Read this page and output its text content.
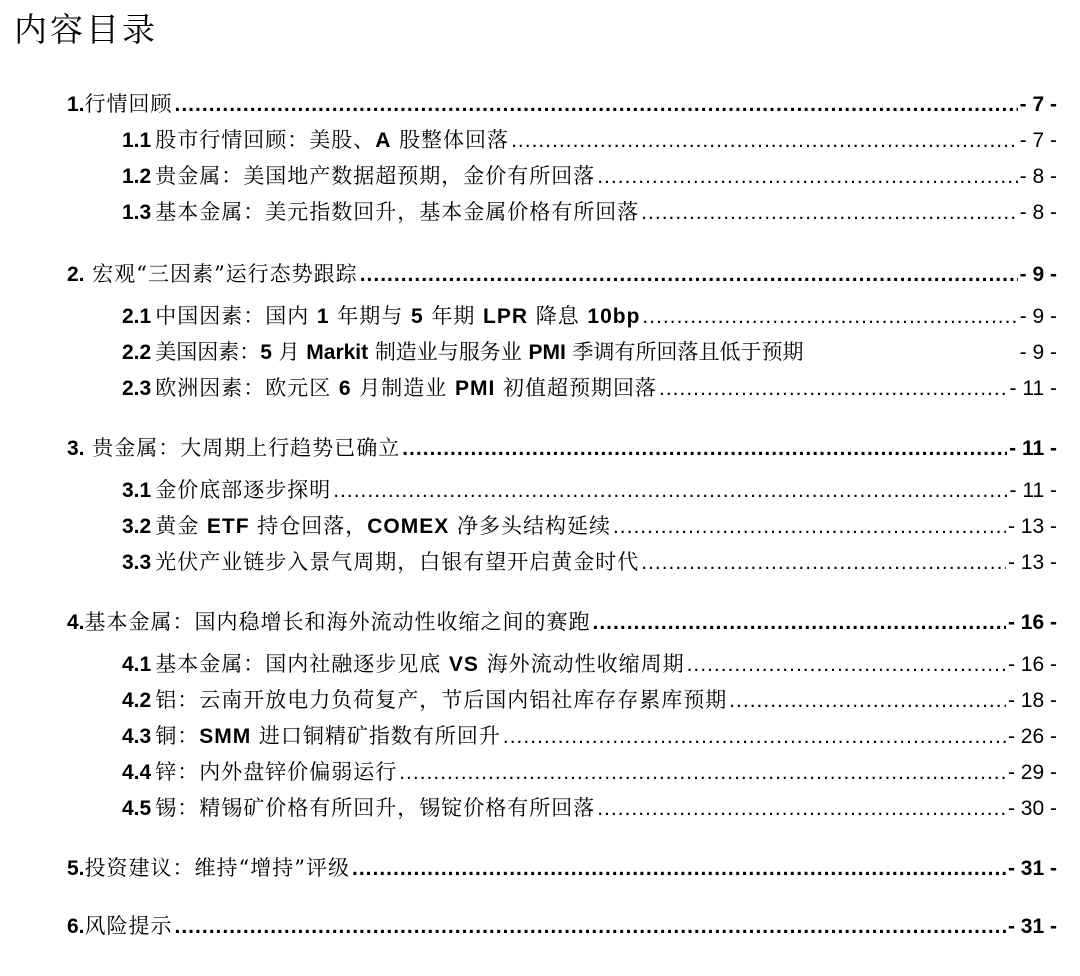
内容目录
1. 行情回顾 .....	- 7 -
1.1 股市行情回顾：美股、A 股整体回落 .....	- 7 -
1.2 贵金属：美国地产数据超预期，金价有所回落 .....	- 8 -
1.3 基本金属：美元指数回升，基本金属价格有所回落 .....	- 8 -
2. 宏观“三因素”运行态势跟踪 .....	- 9 -
2.1 中国因素：国内 1 年期与 5 年期 LPR 降息 10bp .....	- 9 -
2.2 美国因素：5 月 Markit 制造业与服务业 PMI 季调有所回落且低于预期	- 9 -
2.3 欧洲因素：欧元区 6 月制造业 PMI 初值超预期回落 .....	- 11 -
3. 贵金属：大周期上行趋势已确立 .....	- 11 -
3.1 金价底部逐步探明 .....	- 11 -
3.2 黄金 ETF 持仓回落，COMEX 净多头结构延续 .....	- 13 -
3.3 光伏产业链步入景气周期，白银有望开启黄金时代 .....	- 13 -
4. 基本金属：国内稳增长和海外流动性收缩之间的赛跑 .....	- 16 -
4.1 基本金属：国内社融逐步见底 VS 海外流动性收缩周期 .....	- 16 -
4.2 铝：云南开放电力负荷复产，节后国内铝社库存存累库预期 .....	- 18 -
4.3 铜：SMM 进口铜精矿指数有所回升 .....	- 26 -
4.4 锌：内外盘锌价偏弱运行 .....	- 29 -
4.5 锡：精锡矿价格有所回升，锡锭价格有所回落 .....	- 30 -
5. 投资建议：维持“增持”评级 .....	- 31 -
6. 风险提示 .....	- 31 -
